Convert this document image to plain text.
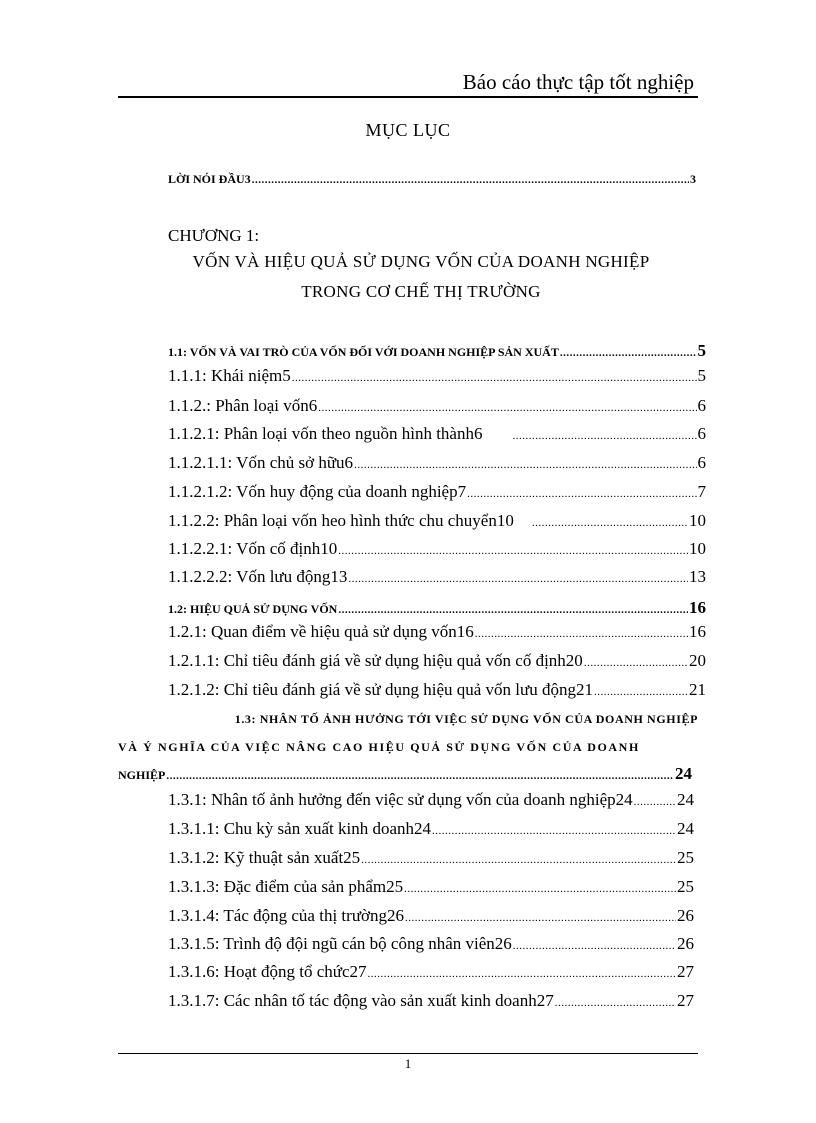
Báo cáo thực tập tốt nghiệp
MỤC LỤC
LỜI NÓI ĐẦU3 .....	3
CHƯƠNG 1:
VỐN VÀ HIỆU QUẢ SỬ DỤNG VỐN CỦA DOANH NGHIỆP
TRONG CƠ CHẾ THỊ TRƯỜNG
1.1: VỐN VÀ VAI TRÒ CỦA VỐN ĐỐI VỚI DOANH NGHIỆP SẢN XUẤT .....	5
1.1.1: Khái niệm5 .....	5
1.1.2.: Phân loại vốn6 .....	6
1.1.2.1: Phân loại vốn theo nguồn hình thành6 .....	6
1.1.2.1.1: Vốn chủ sở hữu6 .....	6
1.1.2.1.2: Vốn huy động của doanh nghiệp7 .....	7
1.1.2.2: Phân loại vốn heo hình thức chu chuyển10 .....	10
1.1.2.2.1: Vốn cố định10 .....	10
1.1.2.2.2: Vốn lưu động13 .....	13
1.2: HIỆU QUẢ SỬ DỤNG VỐN .....	16
1.2.1: Quan điểm về hiệu quả sử dụng vốn16 .....	16
1.2.1.1: Chỉ tiêu đánh giá về sử dụng hiệu quả vốn cố định20 .....	20
1.2.1.2: Chỉ tiêu đánh giá về sử dụng hiệu quả vốn lưu động21 .....	21
1.3: NHÂN TỐ ẢNH HƯỞNG TỚI VIỆC SỬ DỤNG VỐN CỦA DOANH NGHIỆP
VÀ Ý NGHĨA CỦA VIỆC NÂNG CAO HIỆU QUẢ SỬ DỤNG VỐN CỦA DOANH
NGHIỆP .....	24
1.3.1: Nhân tố ảnh hưởng đến việc sử dụng vốn của doanh nghiệp24 .....	24
1.3.1.1: Chu kỳ sản xuất kinh doanh24 .....	24
1.3.1.2: Kỹ thuật sản xuất25 .....	25
1.3.1.3: Đặc điểm của sản phẩm25 .....	25
1.3.1.4: Tác động của thị trường26 .....	26
1.3.1.5: Trình độ đội ngũ cán bộ công nhân viên26 .....	26
1.3.1.6: Hoạt động tổ chức27 .....	27
1.3.1.7: Các nhân tố tác động vào sản xuất kinh doanh27 .....	27
1
